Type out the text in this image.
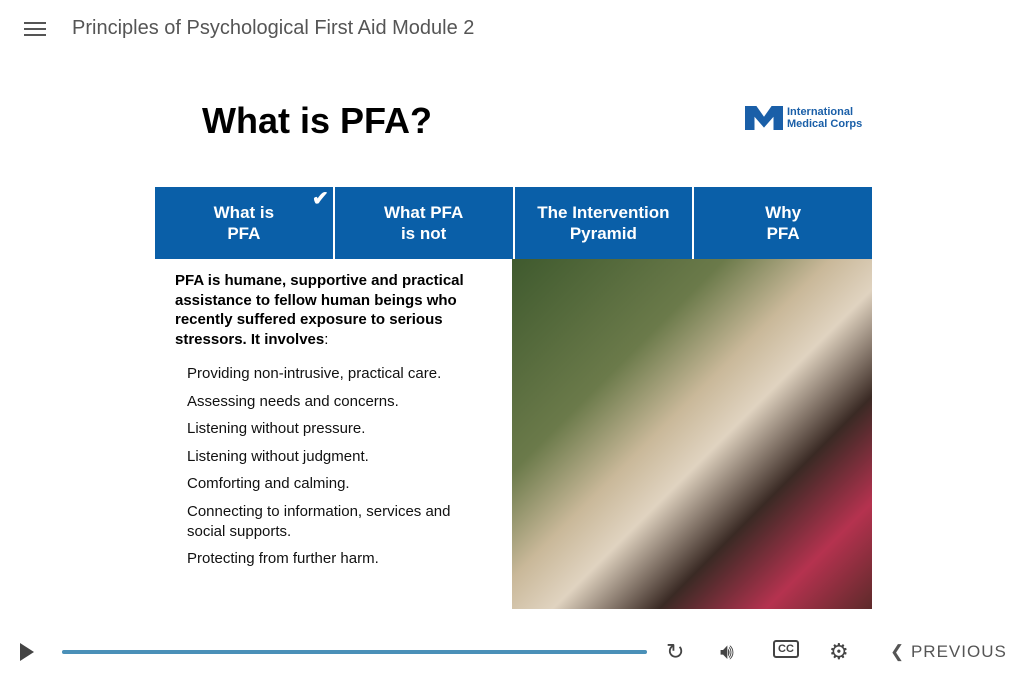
Principles of Psychological First Aid Module 2
What is PFA?	International
Medical Corps
What is
PFA
✔
What PFA
is not
The Intervention
Pyramid
Why
PFA
PFA is humane, supportive and practical assistance to fellow human beings who recently suffered exposure to serious stressors. It involves:
Providing non-intrusive, practical care.
Assessing needs and concerns.
Listening without pressure.
Listening without judgment.
Comforting and calming.
Connecting to information, services and social supports.
Protecting from further harm.
↻ 🔊︎	CC ⚙ ❮ PREVIOUS
